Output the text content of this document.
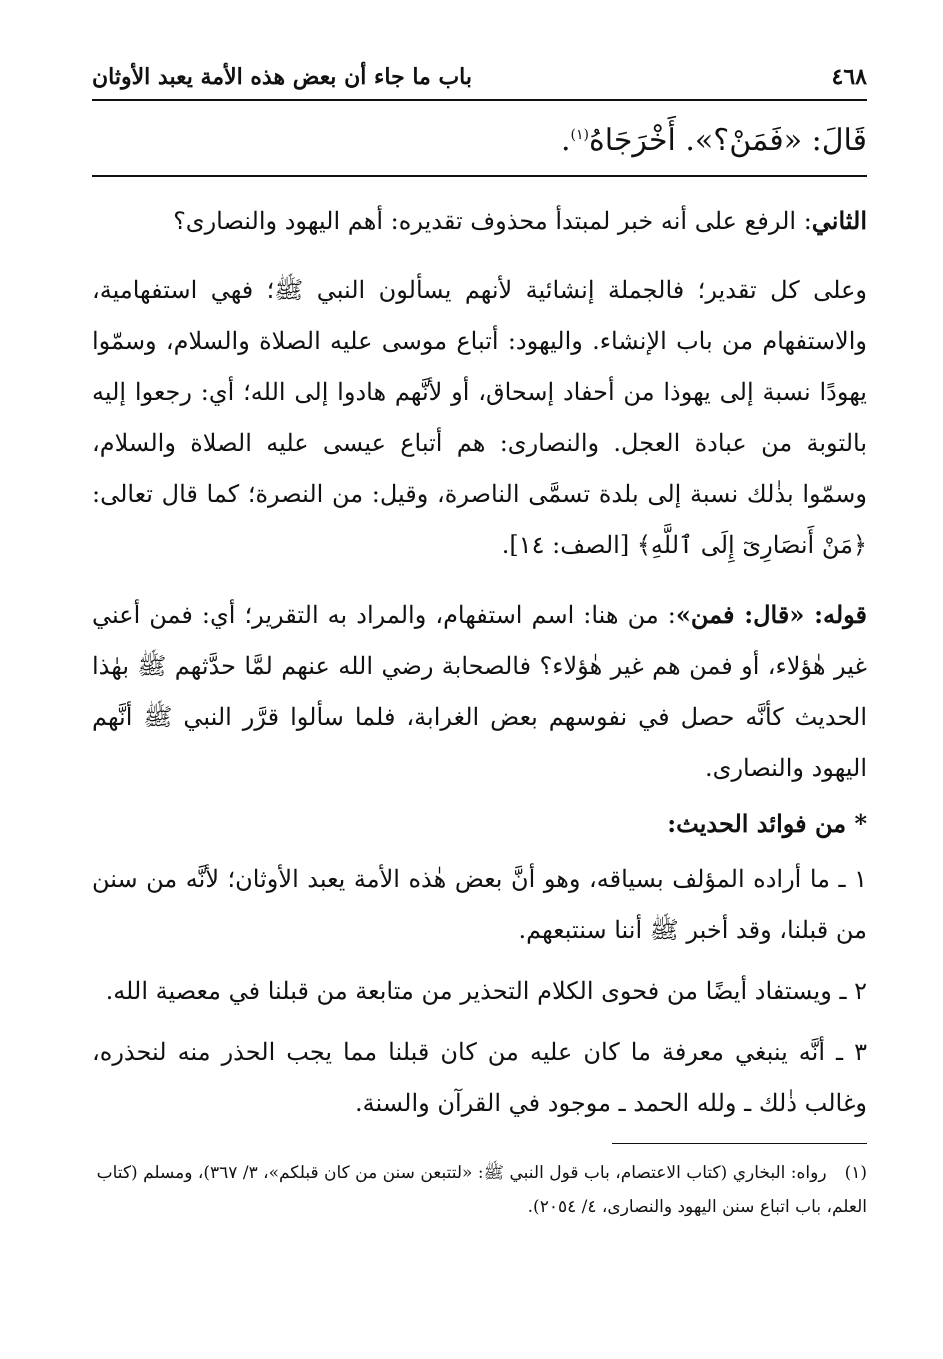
٤٦٨
باب ما جاء أن بعض هذه الأمة يعبد الأوثان
قَالَ: «فَمَنْ؟». أَخْرَجَاهُ$^{(١)}$.

الثاني: الرفع على أنه خبر لمبتدأ محذوف تقديره: أهم اليهود والنصارى؟

وعلى كل تقدير؛ فالجملة إنشائية لأنهم يسألون النبي ﷺ؛ فهي استفهامية، والاستفهام من باب الإنشاء. واليهود: أتباع موسى عليه الصلاة والسلام، وسمّوا يهودًا نسبة إلى يهوذا من أحفاد إسحاق، أو لأنَّهم هادوا إلى الله؛ أي: رجعوا إليه بالتوبة من عبادة العجل. والنصارى: هم أتباع عيسى عليه الصلاة والسلام، وسمّوا بذٰلك نسبة إلى بلدة تسمَّى الناصرة، وقيل: من النصرة؛ كما قال تعالى: ﴿مَنْ أَنصَارِىٓ إِلَى ٱللَّهِ﴾ [الصف: ١٤].

قوله: «قال: فمن»: من هنا: اسم استفهام، والمراد به التقرير؛ أي: فمن أعني غير هٰؤلاء، أو فمن هم غير هٰؤلاء؟ فالصحابة رضي الله عنهم لمَّا حدَّثهم ﷺ بهٰذا الحديث كأنَّه حصل في نفوسهم بعض الغرابة، فلما سألوا قرَّر النبي ﷺ أنَّهم اليهود والنصارى.

* من فوائد الحديث:

١ ـ ما أراده المؤلف بسياقه، وهو أنَّ بعض هٰذه الأمة يعبد الأوثان؛ لأنَّه من سنن من قبلنا، وقد أخبر ﷺ أننا سنتبعهم.

٢ ـ ويستفاد أيضًا من فحوى الكلام التحذير من متابعة من قبلنا في معصية الله.

٣ ـ أنَّه ينبغي معرفة ما كان عليه من كان قبلنا مما يجب الحذر منه لنحذره، وغالب ذٰلك ـ ولله الحمد ـ موجود في القرآن والسنة.

(١)رواه: البخاري (كتاب الاعتصام، باب قول النبي ﷺ: «لتتبعن سنن من كان قبلكم»، ٣/ ٣٦٧)، ومسلم (كتاب العلم، باب اتباع سنن اليهود والنصارى، ٤/ ٢٠٥٤).
